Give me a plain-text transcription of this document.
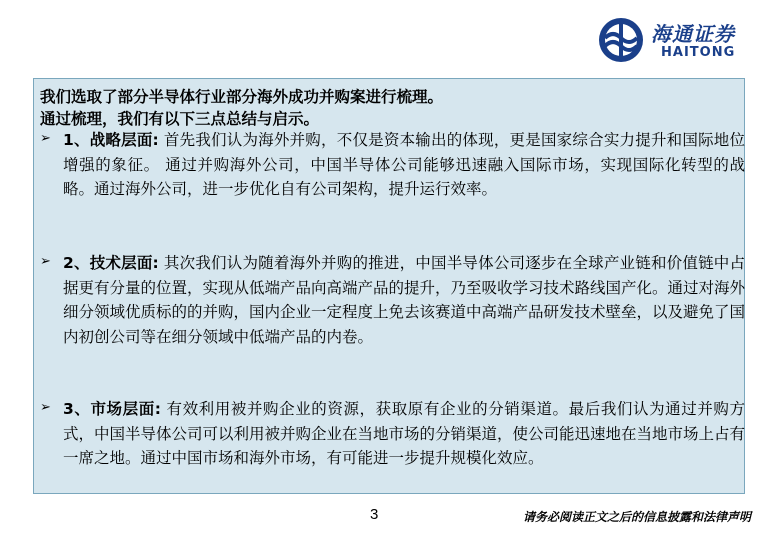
海通证券
HAITONG
我们选取了部分半导体行业部分海外成功并购案进行梳理。
通过梳理，我们有以下三点总结与启示。
➢ 1、战略层面: 首先我们认为海外并购，不仅是资本输出的体现，更是国家综合实力提升和国际地位增强的象征。 通过并购海外公司，中国半导体公司能够迅速融入国际市场，实现国际化转型的战略。通过海外公司，进一步优化自有公司架构，提升运行效率。
➢ 2、技术层面: 其次我们认为随着海外并购的推进，中国半导体公司逐步在全球产业链和价值链中占据更有分量的位置，实现从低端产品向高端产品的提升，乃至吸收学习技术路线国产化。通过对海外细分领域优质标的的并购，国内企业一定程度上免去该赛道中高端产品研发技术壁垒，以及避免了国内初创公司等在细分领域中低端产品的内卷。
➢ 3、市场层面: 有效利用被并购企业的资源，获取原有企业的分销渠道。最后我们认为通过并购方式，中国半导体公司可以利用被并购企业在当地市场的分销渠道，使公司能迅速地在当地市场上占有一席之地。通过中国市场和海外市场，有可能进一步提升规模化效应。
3	请务必阅读正文之后的信息披露和法律声明
